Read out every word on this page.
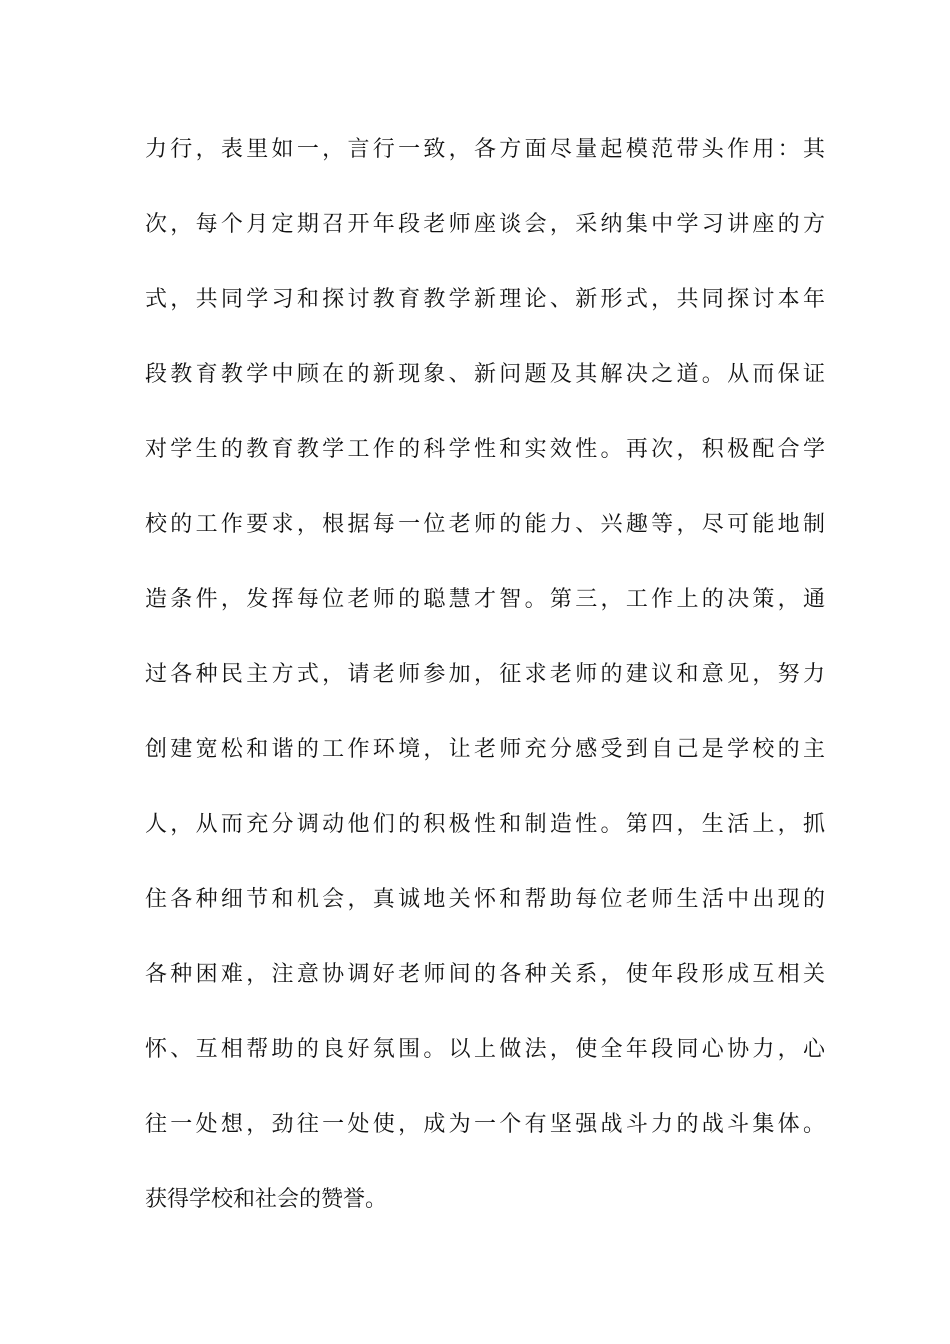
力行，表里如一，言行一致，各方面尽量起模范带头作用：其
次，每个月定期召开年段老师座谈会，采纳集中学习讲座的方
式，共同学习和探讨教育教学新理论、新形式，共同探讨本年
段教育教学中顾在的新现象、新问题及其解决之道。从而保证
对学生的教育教学工作的科学性和实效性。再次，积极配合学
校的工作要求，根据每一位老师的能力、兴趣等，尽可能地制
造条件，发挥每位老师的聪慧才智。第三，工作上的决策，通
过各种民主方式，请老师参加，征求老师的建议和意见，努力
创建宽松和谐的工作环境，让老师充分感受到自己是学校的主
人，从而充分调动他们的积极性和制造性。第四，生活上，抓
住各种细节和机会，真诚地关怀和帮助每位老师生活中出现的
各种困难，注意协调好老师间的各种关系，使年段形成互相关
怀、互相帮助的良好氛围。以上做法，使全年段同心协力，心
往一处想，劲往一处使，成为一个有坚强战斗力的战斗集体。
获得学校和社会的赞誉。
